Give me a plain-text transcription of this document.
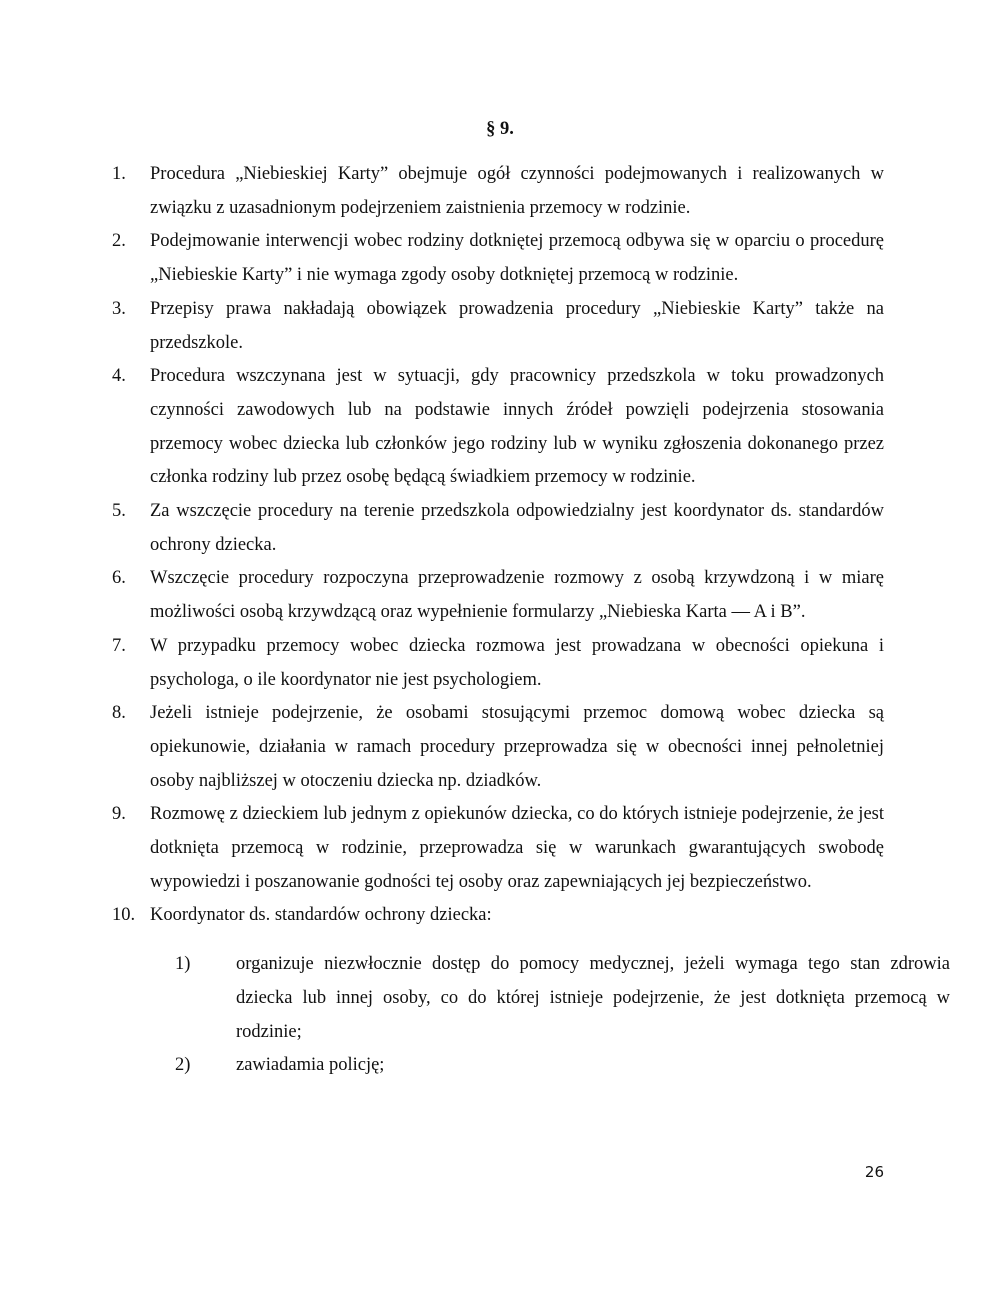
§ 9.
1. Procedura „Niebieskiej Karty” obejmuje ogół czynności podejmowanych i realizowanych w związku z uzasadnionym podejrzeniem zaistnienia przemocy w rodzinie.
2. Podejmowanie interwencji wobec rodziny dotkniętej przemocą odbywa się w oparciu o procedurę „Niebieskie Karty” i nie wymaga zgody osoby dotkniętej przemocą w rodzinie.
3. Przepisy prawa nakładają obowiązek prowadzenia procedury „Niebieskie Karty” także na przedszkole.
4. Procedura wszczynana jest w sytuacji, gdy pracownicy przedszkola w toku prowadzonych czynności zawodowych lub na podstawie innych źródeł powzięli podejrzenia stosowania przemocy wobec dziecka lub członków jego rodziny lub w wyniku zgłoszenia dokonanego przez członka rodziny lub przez osobę będącą świadkiem przemocy w rodzinie.
5. Za wszczęcie procedury na terenie przedszkola odpowiedzialny jest koordynator ds. standardów ochrony dziecka.
6. Wszczęcie procedury rozpoczyna przeprowadzenie rozmowy z osobą krzywdzoną i w miarę możliwości osobą krzywdzącą oraz wypełnienie formularzy „Niebieska Karta — A i B”.
7. W przypadku przemocy wobec dziecka rozmowa jest prowadzana w obecności opiekuna i psychologa, o ile koordynator nie jest psychologiem.
8. Jeżeli istnieje podejrzenie, że osobami stosującymi przemoc domową wobec dziecka są opiekunowie, działania w ramach procedury przeprowadza się w obecności innej pełnoletniej osoby najbliższej w otoczeniu dziecka np. dziadków.
9. Rozmowę z dzieckiem lub jednym z opiekunów dziecka, co do których istnieje podejrzenie, że jest dotknięta przemocą w rodzinie, przeprowadza się w warunkach gwarantujących swobodę wypowiedzi i poszanowanie godności tej osoby oraz zapewniających jej bezpieczeństwo.
10. Koordynator ds. standardów ochrony dziecka:
1) organizuje niezwłocznie dostęp do pomocy medycznej, jeżeli wymaga tego stan zdrowia dziecka lub innej osoby, co do której istnieje podejrzenie, że jest dotknięta przemocą w rodzinie;
2) zawiadamia policję;
26
